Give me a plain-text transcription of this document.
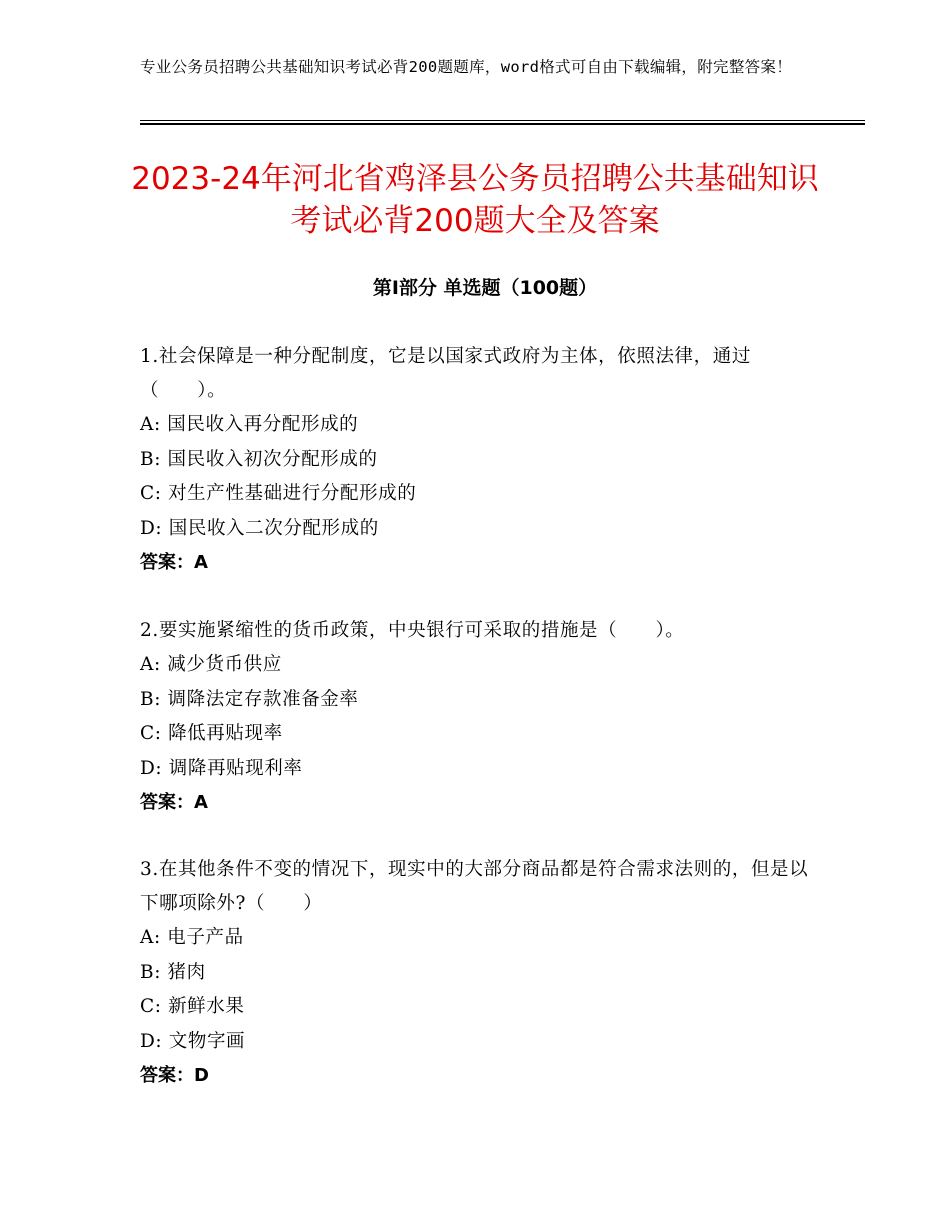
专业公务员招聘公共基础知识考试必背200题题库，word格式可自由下载编辑，附完整答案！
2023-24年河北省鸡泽县公务员招聘公共基础知识考试必背200题大全及答案
第Ⅰ部分 单选题（100题）
1.社会保障是一种分配制度，它是以国家式政府为主体，依照法律，通过（　　）。
A: 国民收入再分配形成的
B: 国民收入初次分配形成的
C: 对生产性基础进行分配形成的
D: 国民收入二次分配形成的
答案：A
2.要实施紧缩性的货币政策，中央银行可采取的措施是（　　）。
A: 减少货币供应
B: 调降法定存款准备金率
C: 降低再贴现率
D: 调降再贴现利率
答案：A
3.在其他条件不变的情况下，现实中的大部分商品都是符合需求法则的，但是以下哪项除外?（　　）
A: 电子产品
B: 猪肉
C: 新鲜水果
D: 文物字画
答案：D
